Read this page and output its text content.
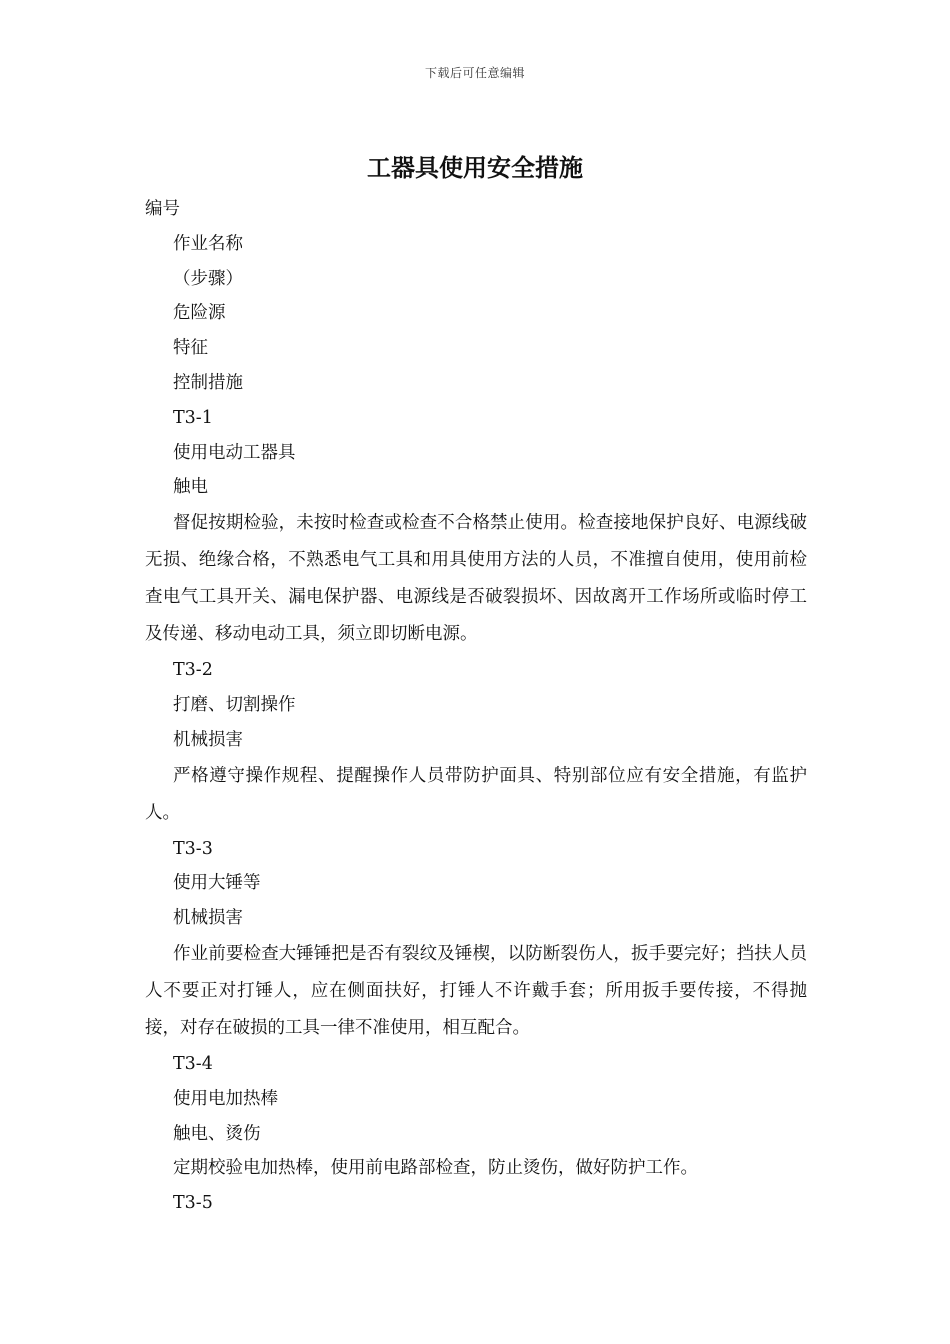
下载后可任意编辑
工器具使用安全措施

编号

作业名称

（步骤）

危险源

特征

控制措施

T3-1

使用电动工器具

触电

督促按期检验，未按时检查或检查不合格禁止使用。检查接地保护良好、电源线破无损、绝缘合格，不熟悉电气工具和用具使用方法的人员，不准擅自使用，使用前检查电气工具开关、漏电保护器、电源线是否破裂损坏、因故离开工作场所或临时停工及传递、移动电动工具，须立即切断电源。

T3-2

打磨、切割操作

机械损害

严格遵守操作规程、提醒操作人员带防护面具、特别部位应有安全措施，有监护人。

T3-3

使用大锤等

机械损害

作业前要检查大锤锤把是否有裂纹及锤楔，以防断裂伤人，扳手要完好；挡扶人员人不要正对打锤人，应在侧面扶好，打锤人不许戴手套；所用扳手要传接，不得抛接，对存在破损的工具一律不准使用，相互配合。

T3-4

使用电加热棒

触电、烫伤

定期校验电加热棒，使用前电路部检查，防止烫伤，做好防护工作。

T3-5
